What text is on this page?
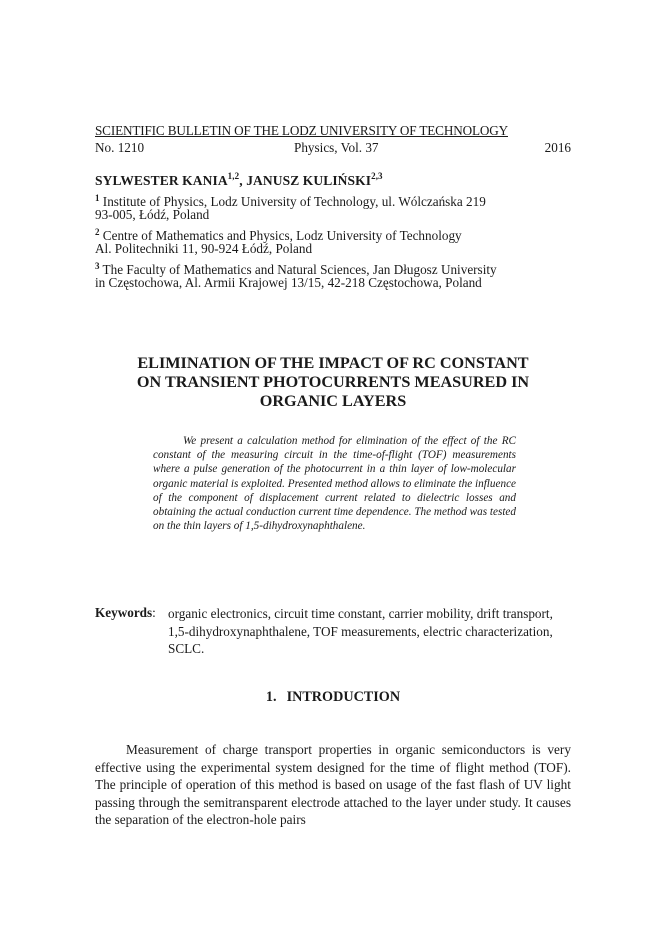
SCIENTIFIC BULLETIN OF THE LODZ UNIVERSITY OF TECHNOLOGY
No. 1210	Physics, Vol. 37	2016
SYLWESTER KANIA$^{1,2}$, JANUSZ KULIŃSKI$^{2,3}$
$^1$ Institute of Physics, Lodz University of Technology, ul. Wólczańska 219
93-005, Łódź, Poland
$^2$ Centre of Mathematics and Physics, Lodz University of Technology
Al. Politechniki 11, 90-924 Łódź, Poland
$^3$ The Faculty of Mathematics and Natural Sciences, Jan Długosz University
in Częstochowa, Al. Armii Krajowej 13/15, 42-218 Częstochowa, Poland
ELIMINATION OF THE IMPACT OF RC CONSTANT
ON TRANSIENT PHOTOCURRENTS MEASURED IN
ORGANIC LAYERS

We present a calculation method for elimination of the effect of the RC constant of the measuring circuit in the time-of-flight (TOF) measurements where a pulse generation of the photocurrent in a thin layer of low-molecular organic material is exploited. Presented method allows to eliminate the influence of the component of displacement current related to dielectric losses and obtaining the actual conduction current time dependence. The method was tested on the thin layers of 1,5-dihydroxynaphthalene.

Keywords: organic electronics, circuit time constant, carrier mobility, drift transport, 1,5-dihydroxynaphthalene, TOF measurements, electric characterization, SCLC.
1. INTRODUCTION

Measurement of charge transport properties in organic semiconductors is very effective using the experimental system designed for the time of flight method (TOF). The principle of operation of this method is based on usage of the fast flash of UV light passing through the semitransparent electrode attached to the layer under study. It causes the separation of the electron-hole pairs
